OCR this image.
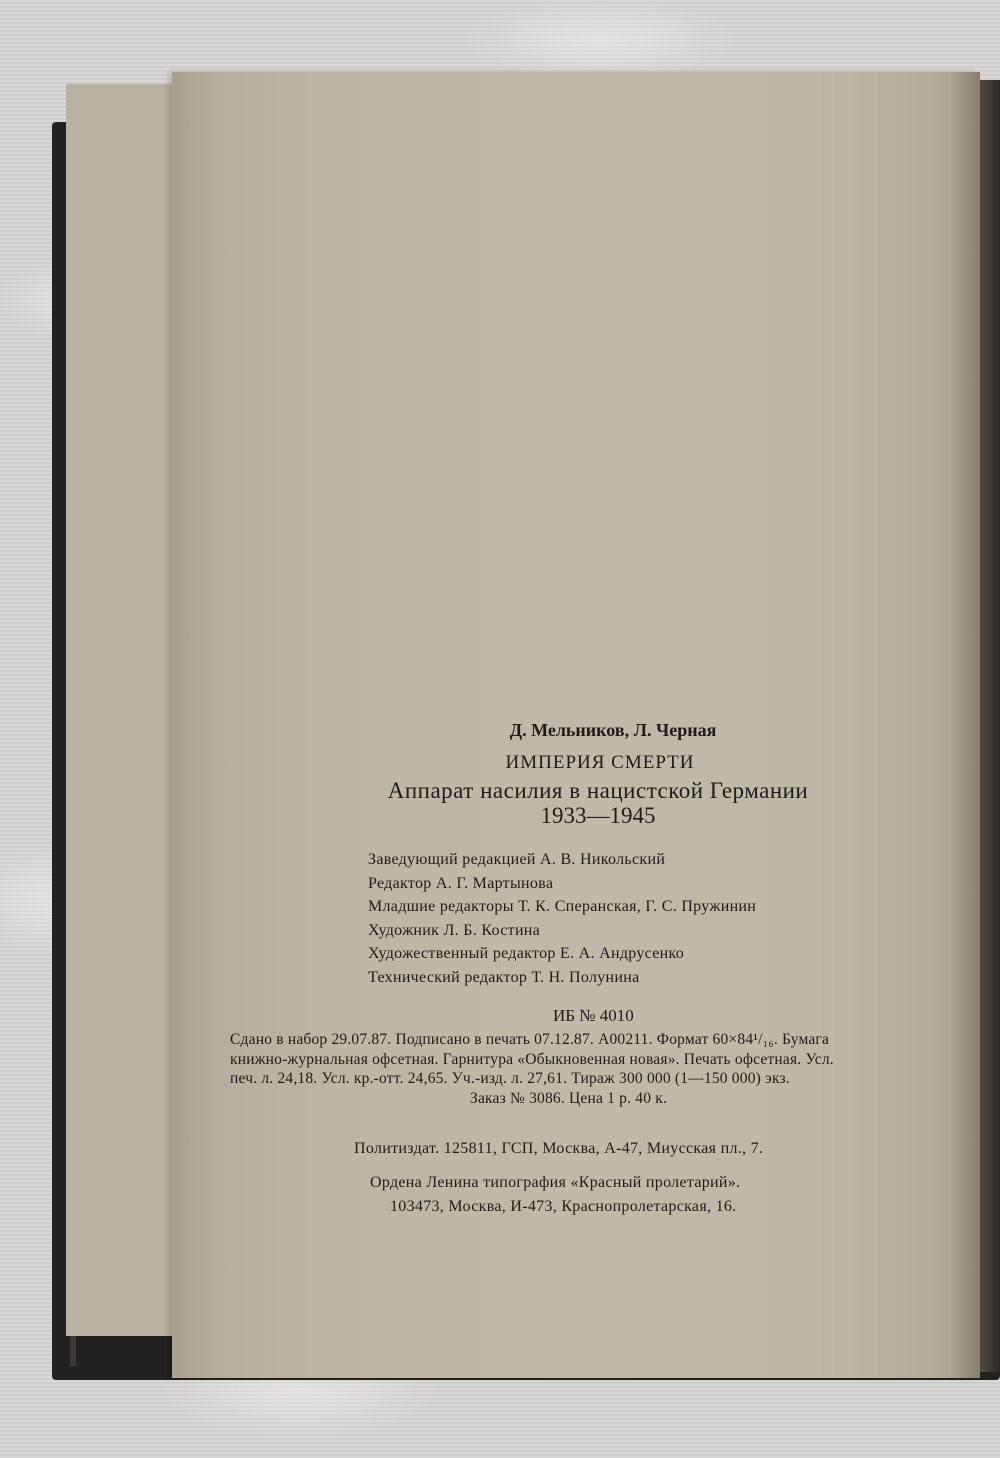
Д. Мельников, Л. Черная
ИМПЕРИЯ СМЕРТИ
Аппарат насилия в нацистской Германии
1933—1945
Заведующий редакцией А. В. Никольский
Редактор А. Г. Мартынова
Младшие редакторы Т. К. Сперанская, Г. С. Пружинин
Художник Л. Б. Костина
Художественный редактор Е. А. Андрусенко
Технический редактор Т. Н. Полунина
ИБ № 4010
Сдано в набор 29.07.87. Подписано в печать 07.12.87. А00211. Формат 60×84¹/₁₆. Бумага
книжно-журнальная офсетная. Гарнитура «Обыкновенная новая». Печать офсетная. Усл.
печ. л. 24,18. Усл. кр.-отт. 24,65. Уч.-изд. л. 27,61. Тираж 300 000 (1—150 000) экз.
Заказ № 3086. Цена 1 р. 40 к.
Политиздат. 125811, ГСП, Москва, А-47, Миусская пл., 7.
Ордена Ленина типография «Красный пролетарий».
103473, Москва, И-473, Краснопролетарская, 16.
